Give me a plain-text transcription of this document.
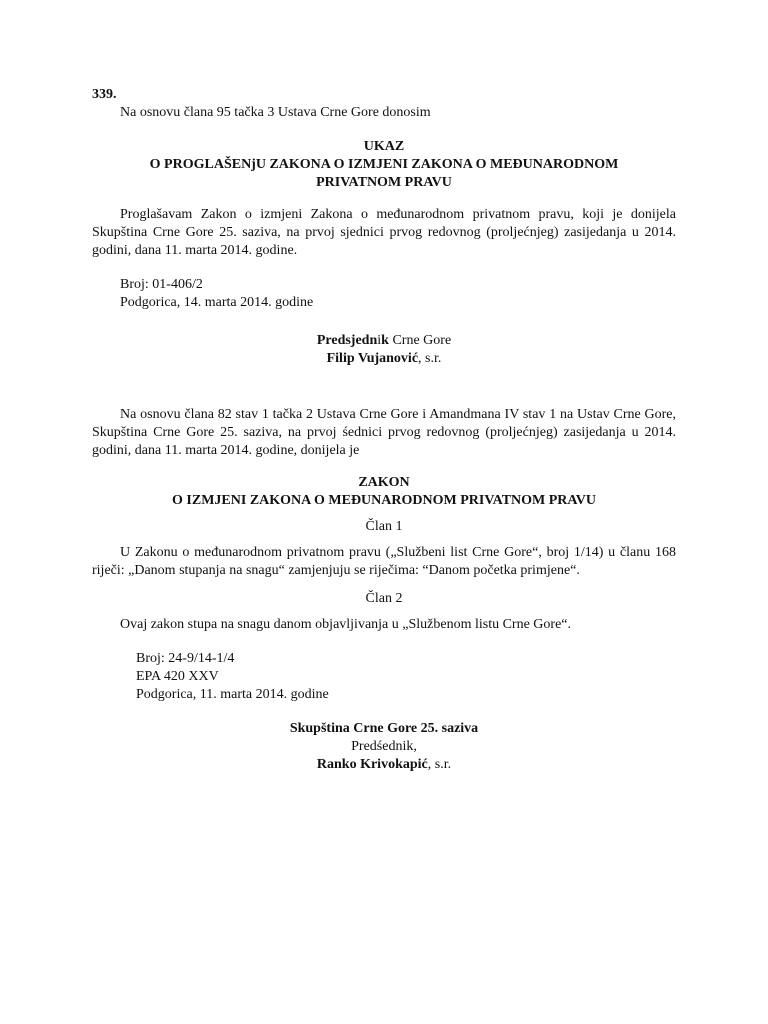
339.

Na osnovu člana 95 tačka 3 Ustava Crne Gore donosim

UKAZ

O PROGLAŠENjU ZAKONA O IZMJENI ZAKONA O MEĐUNARODNOM

PRIVATNOM PRAVU

Proglašavam Zakon o izmjeni Zakona o međunarodnom privatnom pravu, koji je donijela Skupština Crne Gore 25. saziva, na prvoj sjednici prvog redovnog (proljećnjeg) zasijedanja u 2014. godini, dana 11. marta 2014. godine.

Broj: 01-406/2

Podgorica, 14. marta 2014. godine

Predsjednik Crne Gore

Filip Vujanović, s.r.

Na osnovu člana 82 stav 1 tačka 2 Ustava Crne Gore i Amandmana IV stav 1 na Ustav Crne Gore, Skupština Crne Gore 25. saziva, na prvoj śednici prvog redovnog (proljećnjeg) zasijedanja u 2014. godini, dana 11. marta 2014. godine, donijela je

ZAKON

O IZMJENI ZAKONA O MEĐUNARODNOM PRIVATNOM PRAVU

Član 1

U Zakonu o međunarodnom privatnom pravu („Službeni list Crne Gore“, broj 1/14) u članu 168 riječi: „Danom stupanja na snagu“ zamjenjuju se riječima: “Danom početka primjene“.

Član 2

Ovaj zakon stupa na snagu danom objavljivanja u „Službenom listu Crne Gore“.

Broj: 24-9/14-1/4

EPA 420 XXV

Podgorica, 11. marta 2014. godine

Skupština Crne Gore 25. saziva

Predśednik,

Ranko Krivokapić, s.r.
